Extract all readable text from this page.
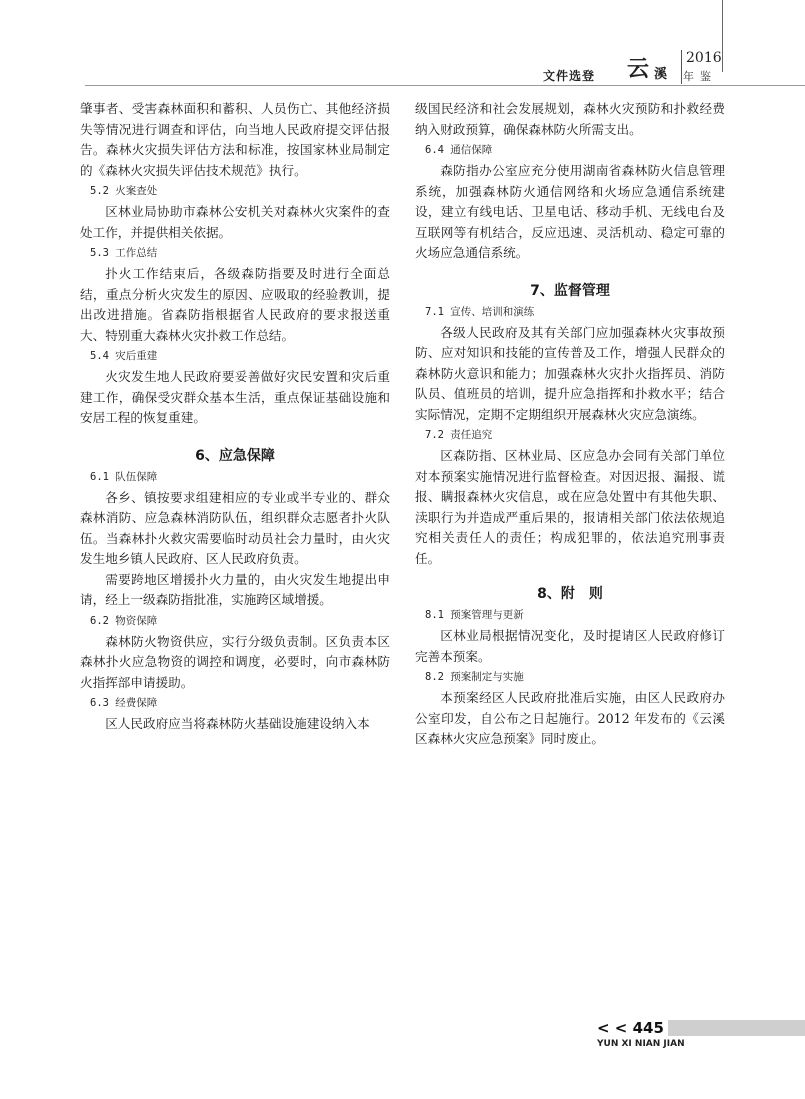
文件选登 云 溪
2016
年鉴

肇事者、受害森林面积和蓄积、人员伤亡、其他经济损失等情况进行调查和评估，向当地人民政府提交评估报告。森林火灾损失评估方法和标准，按国家林业局制定的《森林火灾损失评估技术规范》执行。

5.2 火案查处

区林业局协助市森林公安机关对森林火灾案件的查处工作，并提供相关依据。

5.3 工作总结

扑火工作结束后，各级森防指要及时进行全面总结，重点分析火灾发生的原因、应吸取的经验教训，提出改进措施。省森防指根据省人民政府的要求报送重大、特别重大森林火灾扑救工作总结。

5.4 灾后重建

火灾发生地人民政府要妥善做好灾民安置和灾后重建工作，确保受灾群众基本生活，重点保证基础设施和安居工程的恢复重建。

6、应急保障
6.1 队伍保障

各乡、镇按要求组建相应的专业或半专业的、群众森林消防、应急森林消防队伍，组织群众志愿者扑火队伍。当森林扑火救灾需要临时动员社会力量时，由火灾发生地乡镇人民政府、区人民政府负责。

需要跨地区增援扑火力量的，由火灾发生地提出申请，经上一级森防指批准，实施跨区域增援。

6.2 物资保障

森林防火物资供应，实行分级负责制。区负责本区森林扑火应急物资的调控和调度，必要时，向市森林防火指挥部申请援助。

6.3 经费保障

区人民政府应当将森林防火基础设施建设纳入本

级国民经济和社会发展规划，森林火灾预防和扑救经费纳入财政预算，确保森林防火所需支出。

6.4 通信保障

森防指办公室应充分使用湖南省森林防火信息管理系统，加强森林防火通信网络和火场应急通信系统建设，建立有线电话、卫星电话、移动手机、无线电台及互联网等有机结合，反应迅速、灵活机动、稳定可靠的火场应急通信系统。

7、监督管理
7.1 宣传、培训和演练

各级人民政府及其有关部门应加强森林火灾事故预防、应对知识和技能的宣传普及工作，增强人民群众的森林防火意识和能力；加强森林火灾扑火指挥员、消防队员、值班员的培训，提升应急指挥和扑救水平；结合实际情况，定期不定期组织开展森林火灾应急演练。

7.2 责任追究

区森防指、区林业局、区应急办会同有关部门单位对本预案实施情况进行监督检查。对因迟报、漏报、谎报、瞒报森林火灾信息，或在应急处置中有其他失职、渎职行为并造成严重后果的，报请相关部门依法依规追究相关责任人的责任；构成犯罪的，依法追究刑事责任。

8、附　则
8.1 预案管理与更新

区林业局根据情况变化，及时提请区人民政府修订完善本预案。

8.2 预案制定与实施

本预案经区人民政府批准后实施，由区人民政府办公室印发，自公布之日起施行。2012 年发布的《云溪区森林火灾应急预案》同时废止。

< < 445
YUN XI NIAN JIAN
